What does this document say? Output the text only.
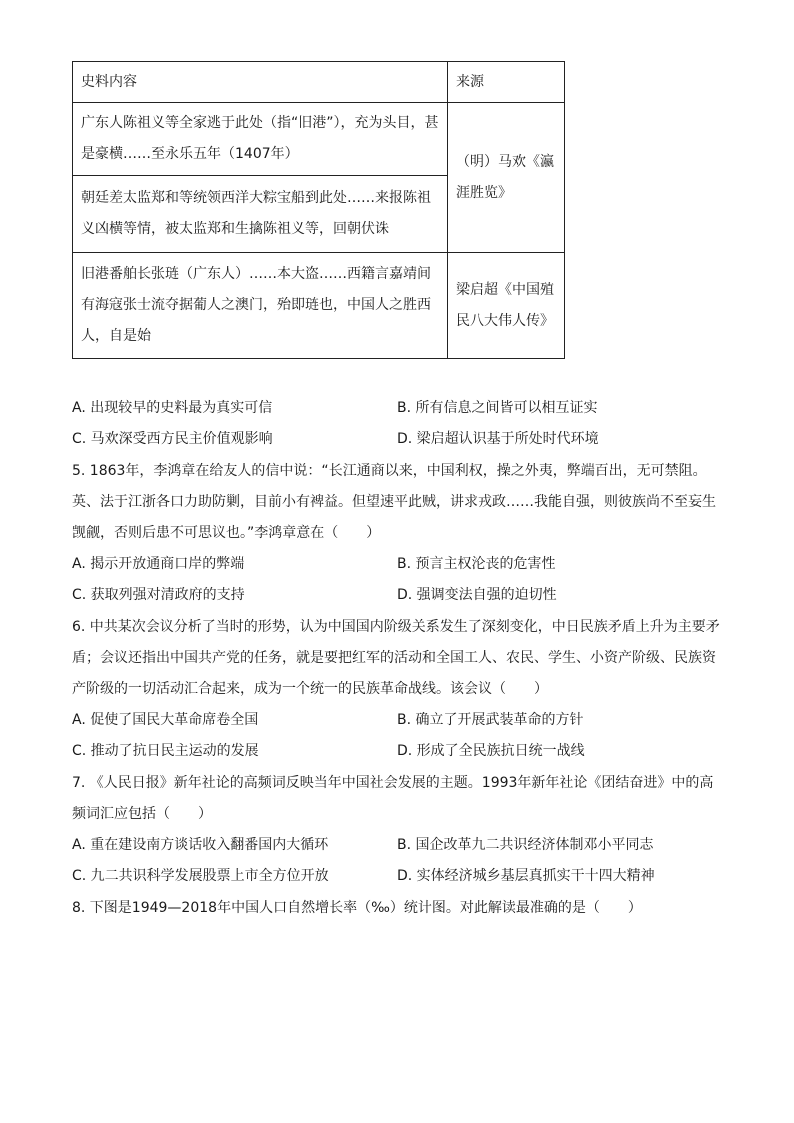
史料内容	来源
广东人陈祖义等全家逃于此处（指“旧港”），充为头目，甚是豪横……至永乐五年（1407年）	（明）马欢《瀛涯胜览》
朝廷差太监郑和等统领西洋大粽宝船到此处……来报陈祖义凶横等情，被太监郑和生擒陈祖义等，回朝伏诛	
旧港番舶长张琏（广东人）……本大盗……西籍言嘉靖间有海寇张士流夺据葡人之澳门，殆即琏也，中国人之胜西人，自是始	梁启超《中国殖民八大伟人传》
A. 出现较早的史料最为真实可信	B. 所有信息之间皆可以相互证实
C. 马欢深受西方民主价值观影响	D. 梁启超认识基于所处时代环境
5. 1863年，李鸿章在给友人的信中说：“长江通商以来，中国利权，操之外夷，弊端百出，无可禁阻。英、法于江浙各口力助防剿，目前小有裨益。但望速平此贼，讲求戎政……我能自强，则彼族尚不至妄生觊觎，否则后患不可思议也。”李鸿章意在（　　）
A. 揭示开放通商口岸的弊端	B. 预言主权沦丧的危害性
C. 获取列强对清政府的支持	D. 强调变法自强的迫切性
6. 中共某次会议分析了当时的形势，认为中国国内阶级关系发生了深刻变化，中日民族矛盾上升为主要矛盾；会议还指出中国共产党的任务，就是要把红军的活动和全国工人、农民、学生、小资产阶级、民族资产阶级的一切活动汇合起来，成为一个统一的民族革命战线。该会议（　　）
A. 促使了国民大革命席卷全国	B. 确立了开展武装革命的方针
C. 推动了抗日民主运动的发展	D. 形成了全民族抗日统一战线
7. 《人民日报》新年社论的高频词反映当年中国社会发展的主题。1993年新年社论《团结奋进》中的高频词汇应包括（　　）
A. 重在建设南方谈话收入翻番国内大循环	B. 国企改革九二共识经济体制邓小平同志
C. 九二共识科学发展股票上市全方位开放	D. 实体经济城乡基层真抓实干十四大精神
8. 下图是1949—2018年中国人口自然增长率（‰）统计图。对此解读最准确的是（　　）
